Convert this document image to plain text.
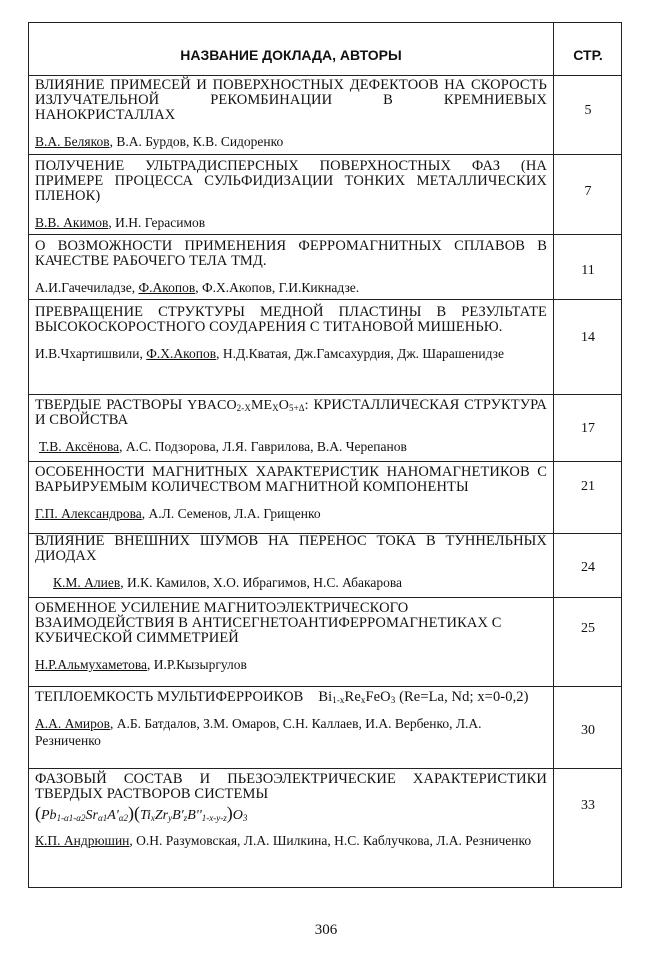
НАЗВАНИЕ ДОКЛАДА, АВТОРЫ	СТР.
ВЛИЯНИЕ ПРИМЕСЕЙ И ПОВЕРХНОСТНЫХ ДЕФЕКТООВ НА СКОРОСТЬ ИЗЛУЧАТЕЛЬНОЙ РЕКОМБИНАЦИИ В КРЕМНИЕВЫХ НАНОКРИСТАЛЛАХ
В.А. Беляков, В.А. Бурдов, К.В. Сидоренко
5
ПОЛУЧЕНИЕ УЛЬТРАДИСПЕРСНЫХ ПОВЕРХНОСТНЫХ ФАЗ (НА ПРИМЕРЕ ПРОЦЕССА СУЛЬФИДИЗАЦИИ ТОНКИХ МЕТАЛЛИЧЕСКИХ ПЛЕНОК)
В.В. Акимов, И.Н. Герасимов
7
О ВОЗМОЖНОСТИ ПРИМЕНЕНИЯ ФЕРРОМАГНИТНЫХ СПЛАВОВ В КАЧЕСТВЕ РАБОЧЕГО ТЕЛА ТМД.
А.И.Гачечиладзе, Ф.Акопов, Ф.Х.Акопов, Г.И.Кикнадзе.
11
ПРЕВРАЩЕНИЕ СТРУКТУРЫ МЕДНОЙ ПЛАСТИНЫ В РЕЗУЛЬТАТЕ ВЫСОКОСКОРОСТНОГО СОУДАРЕНИЯ С ТИТАНОВОЙ МИШЕНЬЮ.
И.В.Чхартишвили, Ф.Х.Акопов, Н.Д.Кватая, Дж.Гамсахурдия, Дж. Шарашенидзе
14
ТВЕРДЫЕ РАСТВОРЫ $YBACO_{2-X}ME_XO_{5+\Delta}$: КРИСТАЛЛИЧЕСКАЯ СТРУКТУРА И СВОЙСТВА
Т.В. Аксёнова, А.С. Подзорова, Л.Я. Гаврилова, В.А. Черепанов
17
ОСОБЕННОСТИ МАГНИТНЫХ ХАРАКТЕРИСТИК НАНОМАГНЕТИКОВ С ВАРЬИРУЕМЫМ КОЛИЧЕСТВОМ МАГНИТНОЙ КОМПОНЕНТЫ
Г.П. Александрова, А.Л. Семенов, Л.А. Грищенко
21
ВЛИЯНИЕ ВНЕШНИХ ШУМОВ НА ПЕРЕНОС ТОКА В ТУННЕЛЬНЫХ ДИОДАХ
К.М. Алиев, И.К. Камилов, Х.О. Ибрагимов, Н.С. Абакарова
24
ОБМЕННОЕ УСИЛЕНИЕ МАГНИТОЭЛЕКТРИЧЕСКОГО ВЗАИМОДЕЙСТВИЯ В АНТИСЕГНЕТОАНТИФЕРРОМАГНЕТИКАХ С КУБИЧЕСКОЙ СИММЕТРИЕЙ
Н.Р.Альмухаметова, И.Р.Кызыргулов
25
ТЕПЛОЕМКОСТЬ МУЛЬТИФЕРРОИКОВ $Bi_{1-x}Re_xFeO_3$ (Re=La, Nd; x=0-0,2)
А.А. Амиров, А.Б. Батдалов, З.М. Омаров, С.Н. Каллаев, И.А. Вербенко, Л.А. Резниченко
30
ФАЗОВЫЙ СОСТАВ И ПЬЕЗОЭЛЕКТРИЧЕСКИЕ ХАРАКТЕРИСТИКИ ТВЕРДЫХ РАСТВОРОВ СИСТЕМЫ
$(Pb_{1-\alpha 1-\alpha 2}Sr_{\alpha 1}A'_{\alpha 2})(Ti_xZr_yB'_zB''_{1-x-y-z})O_3$
К.П. Андрюшин, О.Н. Разумовская, Л.А. Шилкина, Н.С. Каблучкова, Л.А. Резниченко
33
306
